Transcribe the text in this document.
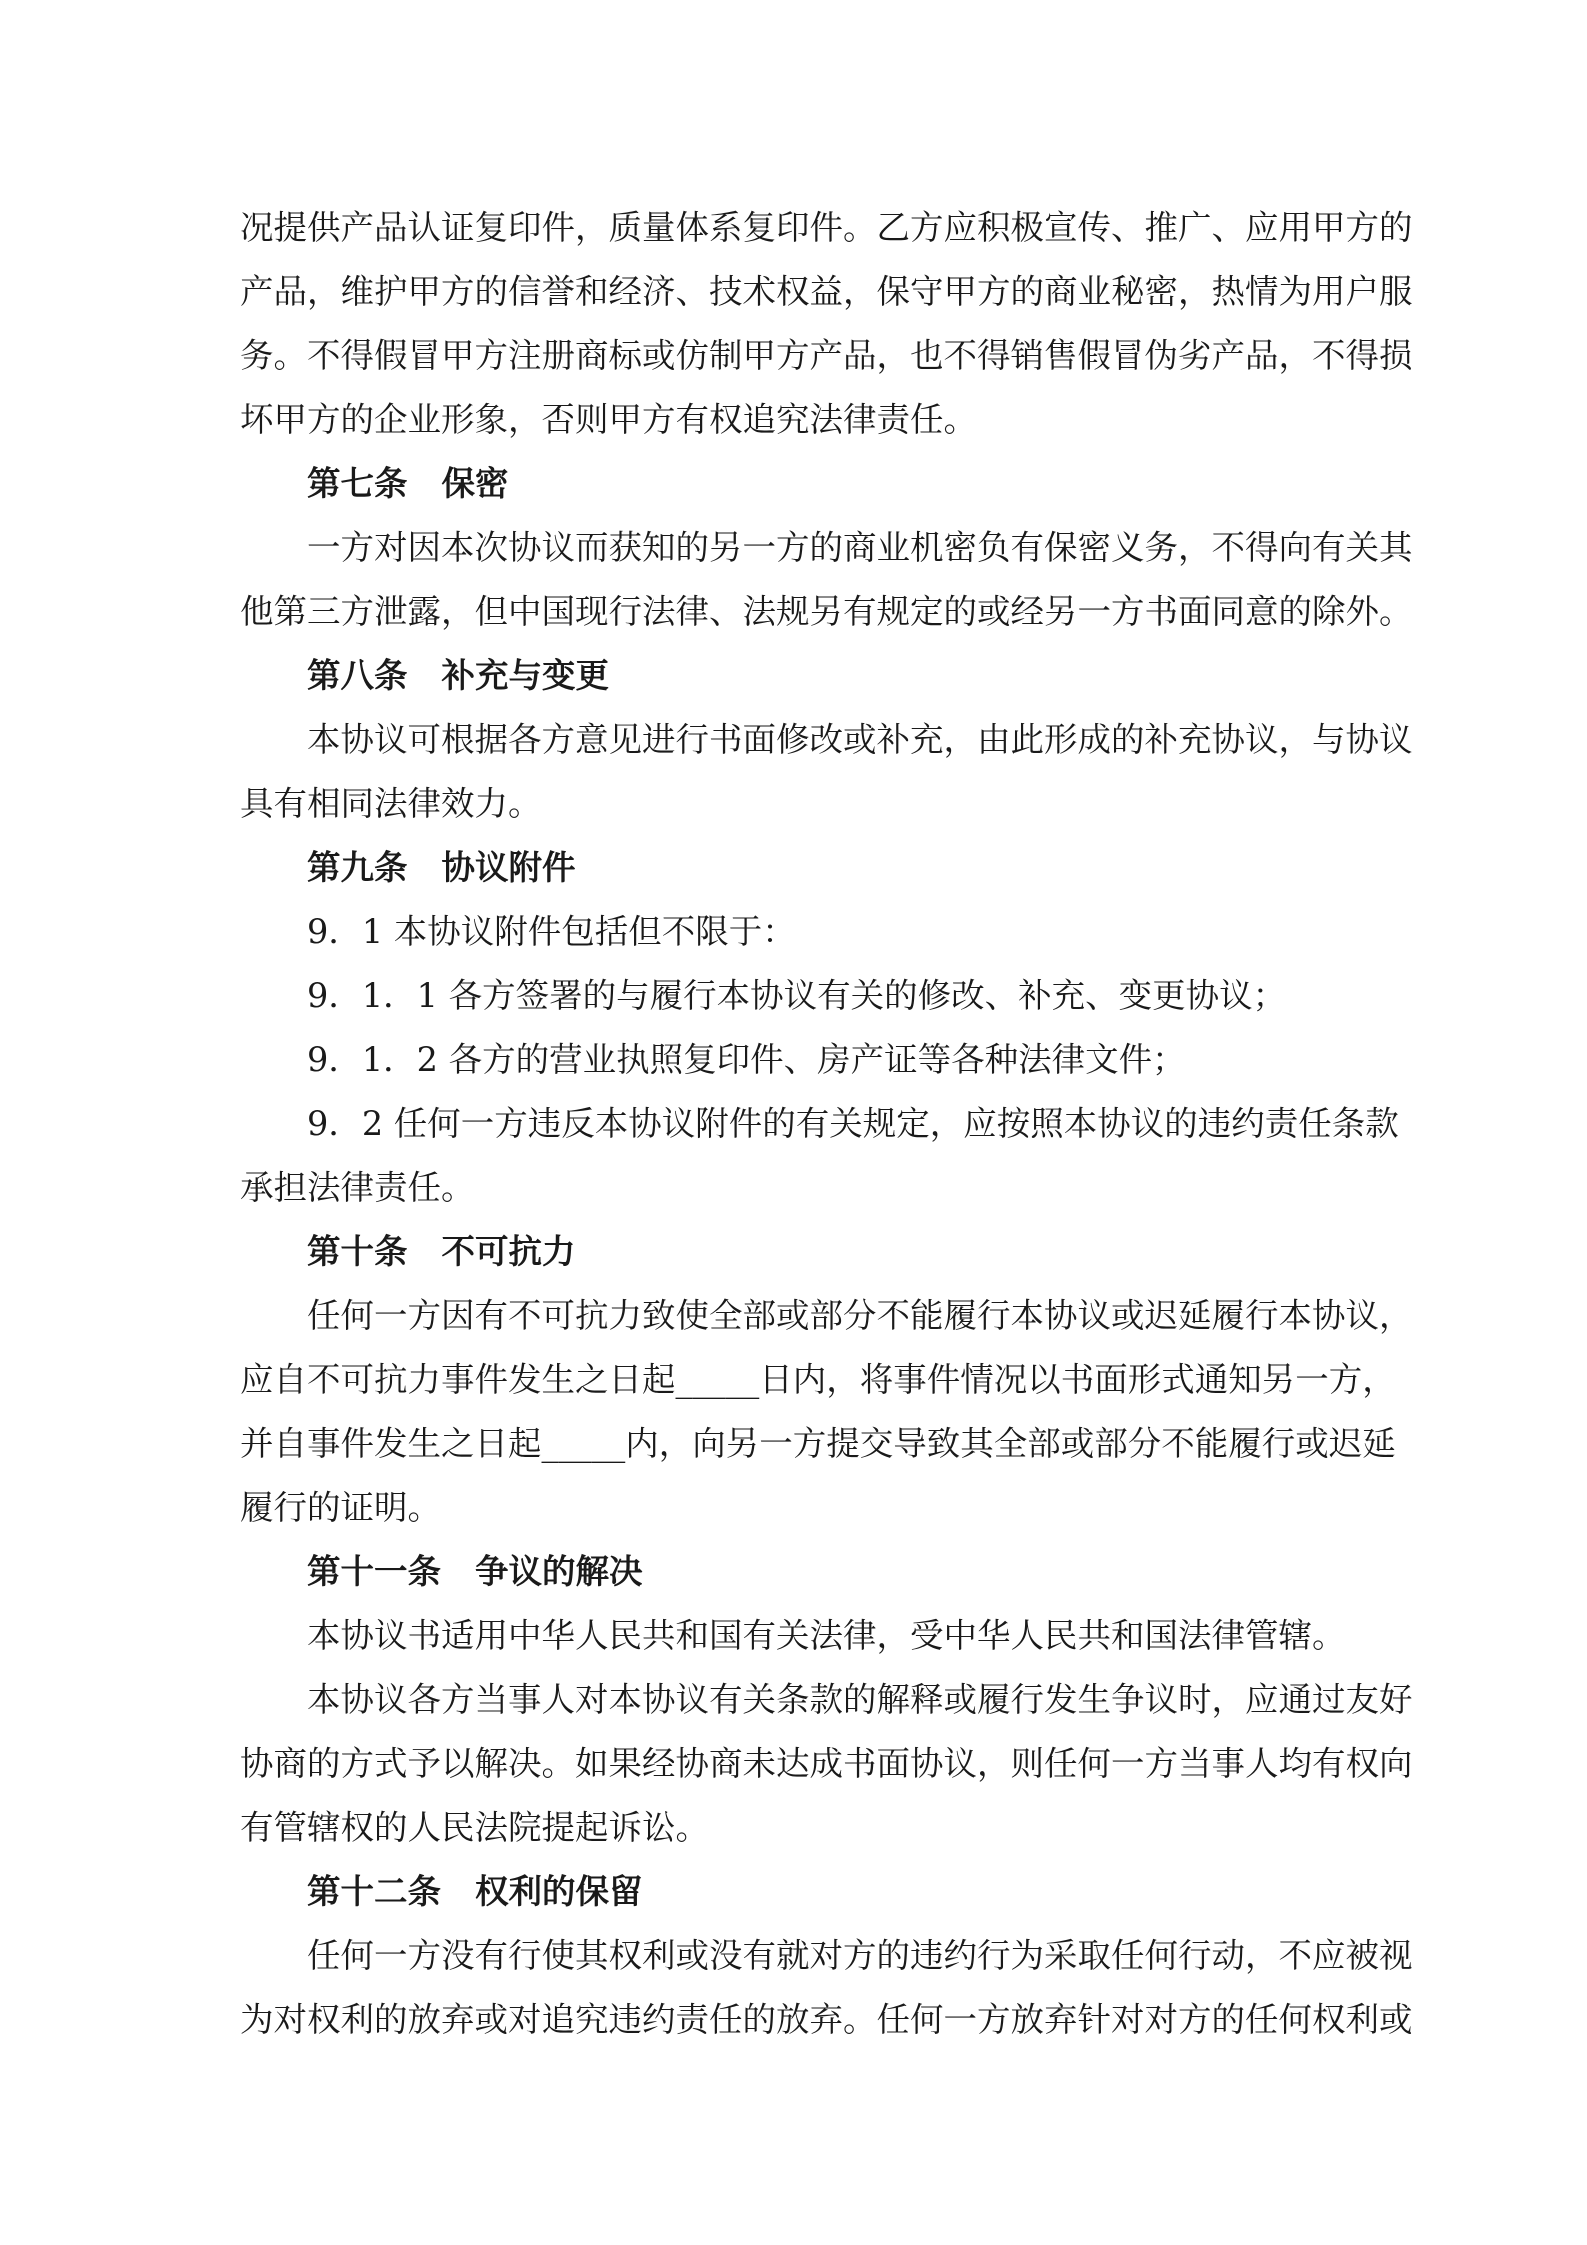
况提供产品认证复印件，质量体系复印件。乙方应积极宣传、推广、应用甲方的
产品，维护甲方的信誉和经济、技术权益，保守甲方的商业秘密，热情为用户服
务。不得假冒甲方注册商标或仿制甲方产品，也不得销售假冒伪劣产品，不得损
坏甲方的企业形象，否则甲方有权追究法律责任。
第七条 保密
一方对因本次协议而获知的另一方的商业机密负有保密义务，不得向有关其
他第三方泄露，但中国现行法律、法规另有规定的或经另一方书面同意的除外。
第八条 补充与变更
本协议可根据各方意见进行书面修改或补充，由此形成的补充协议，与协议
具有相同法律效力。
第九条 协议附件
9．1 本协议附件包括但不限于：
9．1．1 各方签署的与履行本协议有关的修改、补充、变更协议；
9．1．2 各方的营业执照复印件、房产证等各种法律文件；
9．2 任何一方违反本协议附件的有关规定，应按照本协议的违约责任条款
承担法律责任。
第十条 不可抗力
任何一方因有不可抗力致使全部或部分不能履行本协议或迟延履行本协议，
应自不可抗力事件发生之日起_____日内，将事件情况以书面形式通知另一方，
并自事件发生之日起_____内，向另一方提交导致其全部或部分不能履行或迟延
履行的证明。
第十一条 争议的解决
本协议书适用中华人民共和国有关法律，受中华人民共和国法律管辖。
本协议各方当事人对本协议有关条款的解释或履行发生争议时，应通过友好
协商的方式予以解决。如果经协商未达成书面协议，则任何一方当事人均有权向
有管辖权的人民法院提起诉讼。
第十二条 权利的保留
任何一方没有行使其权利或没有就对方的违约行为采取任何行动，不应被视
为对权利的放弃或对追究违约责任的放弃。任何一方放弃针对对方的任何权利或
